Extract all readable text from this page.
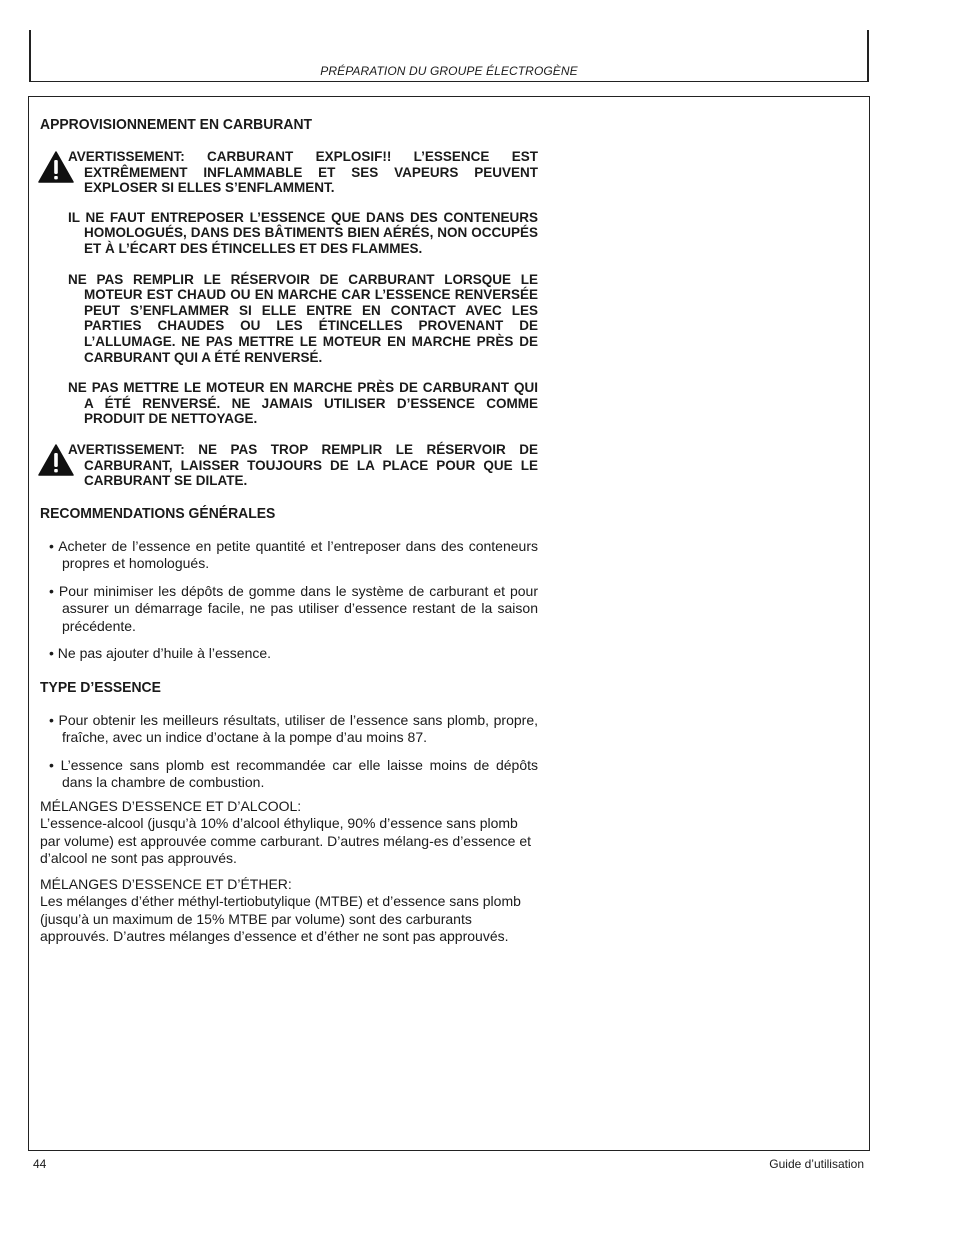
PRÉPARATION DU GROUPE ÉLECTROGÈNE
APPROVISIONNEMENT EN CARBURANT

AVERTISSEMENT: CARBURANT EXPLOSIF!! L’ESSENCE EST EXTRÊMEMENT INFLAMMABLE ET SES VAPEURS PEUVENT EXPLOSER SI ELLES S’ENFLAMMENT.

IL NE FAUT ENTREPOSER L’ESSENCE QUE DANS DES CONTENEURS HOMOLOGUÉS, DANS DES BÂTIMENTS BIEN AÉRÉS, NON OCCUPÉS ET À L’ÉCART DES ÉTINCELLES ET DES FLAMMES.

NE PAS REMPLIR LE RÉSERVOIR DE CARBURANT LORSQUE LE MOTEUR EST CHAUD OU EN MARCHE CAR L’ESSENCE RENVERSÉE PEUT S’ENFLAMMER SI ELLE ENTRE EN CONTACT AVEC LES PARTIES CHAUDES OU LES ÉTINCELLES PROVENANT DE L’ALLUMAGE. NE PAS METTRE LE MOTEUR EN MARCHE PRÈS DE CARBURANT QUI A ÉTÉ RENVERSÉ.

NE PAS METTRE LE MOTEUR EN MARCHE PRÈS DE CARBURANT QUI A ÉTÉ RENVERSÉ. NE JAMAIS UTILISER D’ESSENCE COMME PRODUIT DE NETTOYAGE.

AVERTISSEMENT: NE PAS TROP REMPLIR LE RÉSERVOIR DE CARBURANT, LAISSER TOUJOURS DE LA PLACE POUR QUE LE CARBURANT SE DILATE.

RECOMMENDATIONS GÉNÉRALES
• Acheter de l’essence en petite quantité et l’entreposer dans des conteneurs propres et homologués.
• Pour minimiser les dépôts de gomme dans le système de carburant et pour assurer un démarrage facile, ne pas utiliser d’essence restant de la saison précédente.
• Ne pas ajouter d’huile à l’essence.
TYPE D’ESSENCE
• Pour obtenir les meilleurs résultats, utiliser de l’essence sans plomb, propre, fraîche, avec un indice d’octane à la pompe d’au moins 87.
• L’essence sans plomb est recommandée car elle laisse moins de dépôts dans la chambre de combustion.

MÉLANGES D’ESSENCE ET D’ALCOOL:

L’essence-alcool (jusqu’à 10% d’alcool éthylique, 90% d’essence sans plomb par volume) est approuvée comme carburant. D’autres mélang-es d’essence et d’alcool ne sont pas approuvés.

MÉLANGES D’ESSENCE ET D’ÉTHER:

Les mélanges d’éther méthyl-tertiobutylique (MTBE) et d’essence sans plomb (jusqu’à un maximum de 15% MTBE par volume) sont des carburants approuvés. D’autres mélanges d’essence et d’éther ne sont pas approuvés.

44	Guide d’utilisation
